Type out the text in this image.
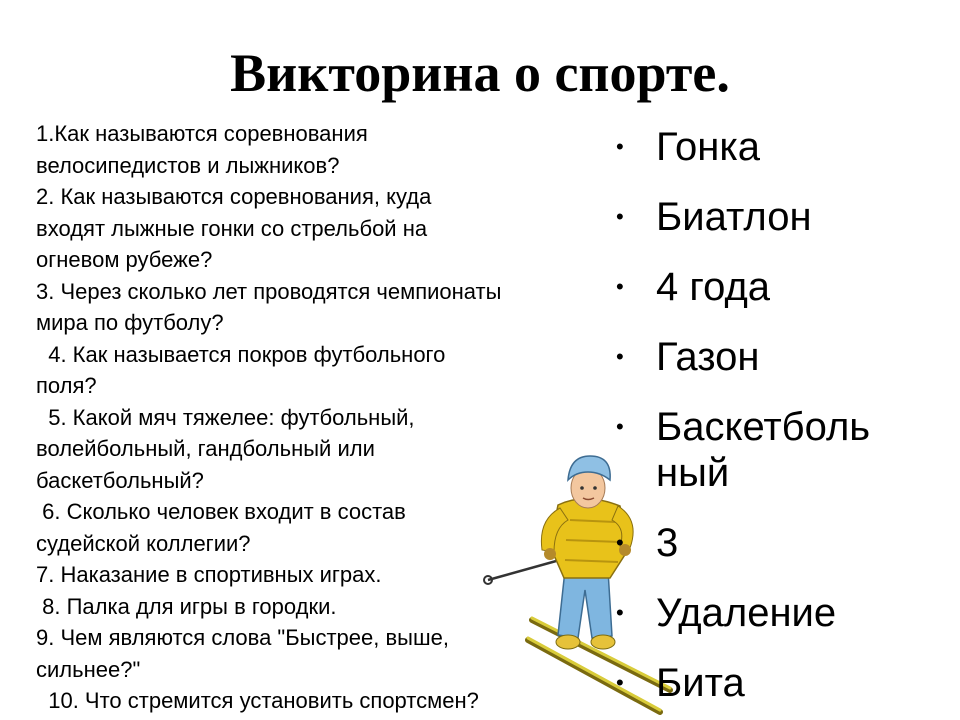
Викторина о спорте.
1.Как называются соревнования
велосипедистов и лыжников?
2. Как называются соревнования, куда
входят лыжные гонки со стрельбой на
огневом рубеже?
3. Через сколько лет проводятся чемпионаты
мира по футболу?
4. Как называется покров футбольного
поля?
5. Какой мяч тяжелее: футбольный,
волейбольный, гандбольный или
баскетбольный?
6. Сколько человек входит в состав
судейской коллегии?
7. Наказание в спортивных играх.
8. Палка для игры в городки.
9. Чем являются слова "Быстрее, выше,
сильнее?"
10. Что стремится установить спортсмен?
• Гонка
• Биатлон
• 4 года
• Газон
• Баскетболь ный
• 3
• Удаление
• Бита
